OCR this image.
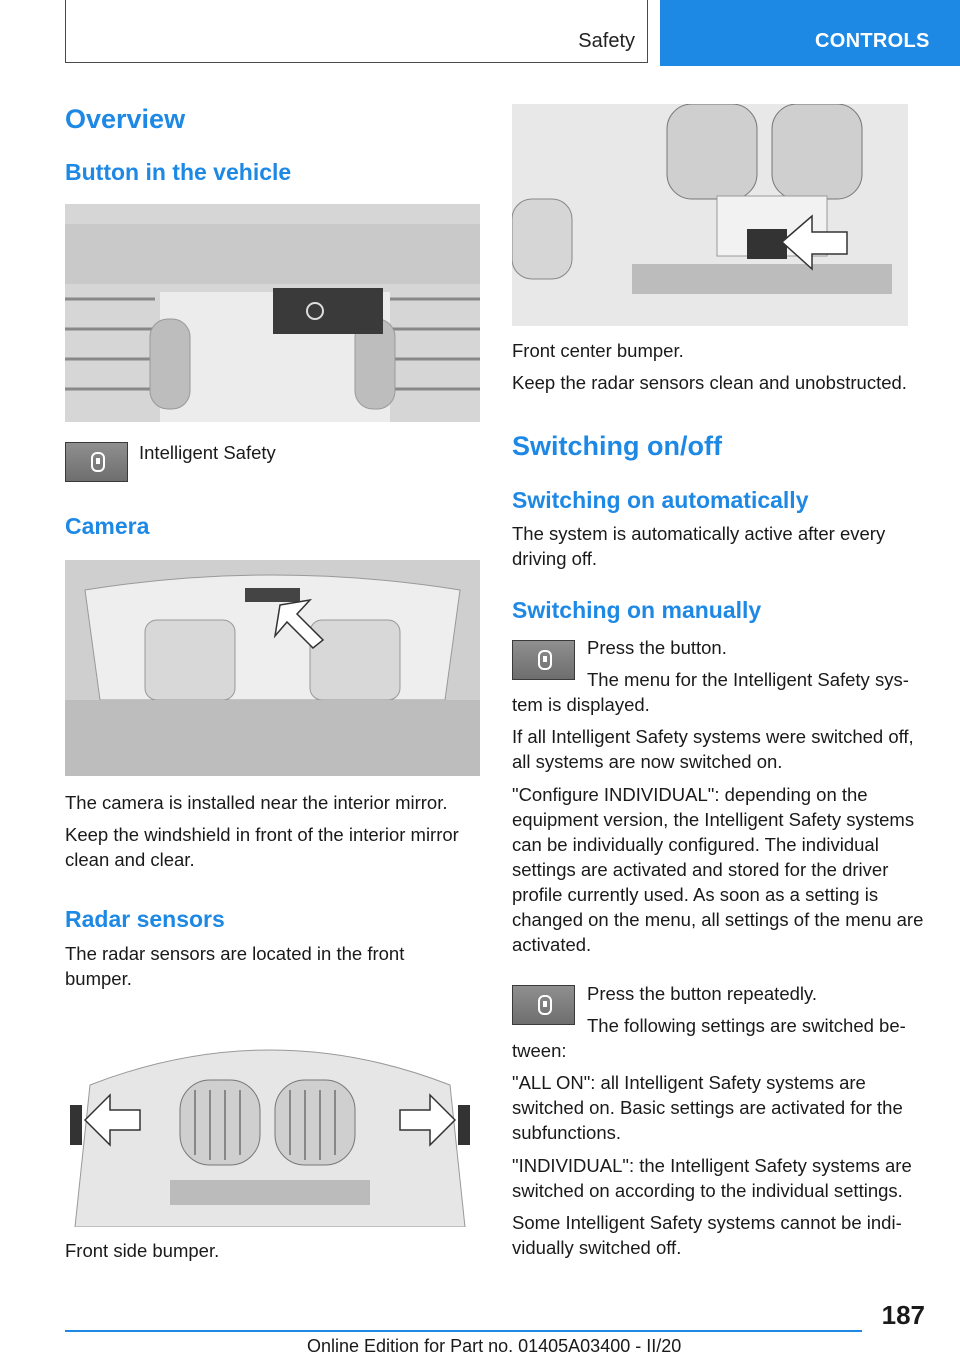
Safety	CONTROLS
Overview
Button in the vehicle
Intelligent Safety
Camera
The camera is installed near the interior mirror.
Keep the windshield in front of the interior mirror clean and clear.
Radar sensors
The radar sensors are located in the front bumper.
Front side bumper.
Front center bumper.
Keep the radar sensors clean and unobstructed.
Switching on/off
Switching on automatically
The system is automatically active after every driving off.
Switching on manually
Press the button.
The menu for the Intelligent Safety sys-
tem is displayed.
If all Intelligent Safety systems were switched off, all systems are now switched on.
"Configure INDIVIDUAL": depending on the equipment version, the Intelligent Safety systems can be individually configured. The individual settings are activated and stored for the driver profile currently used. As soon as a setting is changed on the menu, all settings of the menu are activated.
Press the button repeatedly.
The following settings are switched be-
tween:
"ALL ON": all Intelligent Safety systems are switched on. Basic settings are activated for the subfunctions.
"INDIVIDUAL": the Intelligent Safety systems are switched on according to the individual settings.
Some Intelligent Safety systems cannot be individually switched off.
187
Online Edition for Part no. 01405A03400 - II/20
